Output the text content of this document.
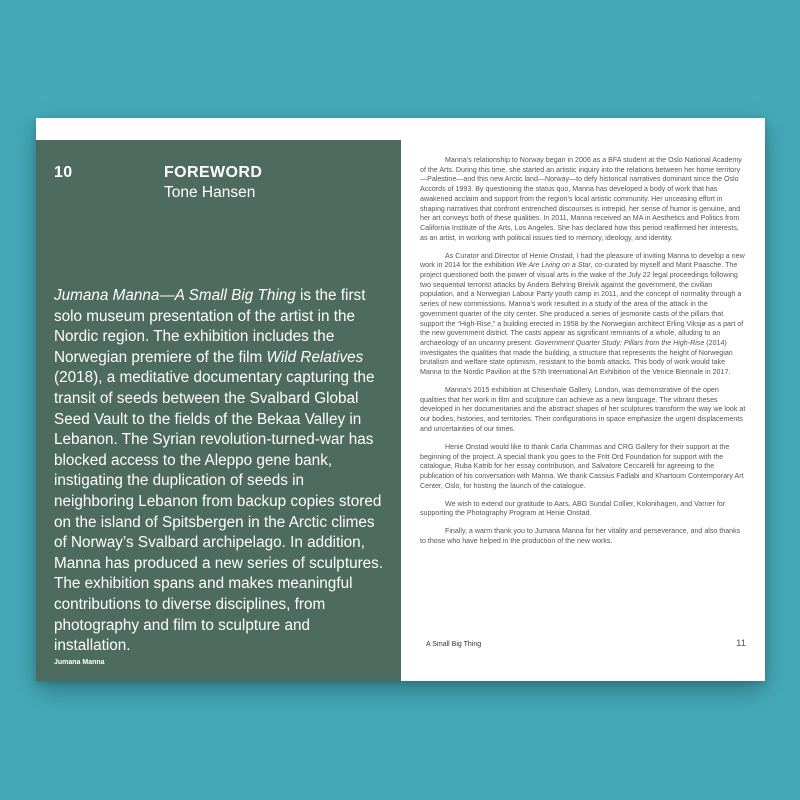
10	FOREWORD
Tone Hansen

Jumana Manna—A Small Big Thing is the first solo museum presentation of the artist in the Nordic region. The exhibition includes the Norwegian premiere of the film Wild Relatives (2018), a meditative documentary capturing the transit of seeds between the Svalbard Global Seed Vault to the fields of the Bekaa Valley in Lebanon. The Syrian revolution-turned-war has blocked access to the Aleppo gene bank, instigating the duplication of seeds in neighboring Lebanon from backup copies stored on the island of Spitsbergen in the Arctic climes of Norway’s Svalbard archipelago. In addition, Manna has produced a new series of sculptures. The exhibition spans and makes meaningful contributions to diverse disciplines, from photography and film to sculpture and installation.

Jumana Manna

Manna’s relationship to Norway began in 2006 as a BFA student at the Oslo National Academy of the Arts. During this time, she started an artistic inquiry into the relations between her home territory—Palestine—and this new Arctic land—Norway—to defy historical narratives dominant since the Oslo Accords of 1993. By questioning the status quo, Manna has developed a body of work that has awakened acclaim and support from the region’s local artistic community. Her unceasing effort in shaping narratives that confront entrenched discourses is intrepid, her sense of humor is genuine, and her art conveys both of these qualities. In 2011, Manna received an MA in Aesthetics and Politics from California Institute of the Arts, Los Angeles. She has declared how this period reaffirmed her interests, as an artist, in working with political issues tied to memory, ideology, and identity.

As Curator and Director of Henie Onstad, I had the pleasure of inviting Manna to develop a new work in 2014 for the exhibition We Are Living on a Star, co-curated by myself and Marit Paasche. The project questioned both the power of visual arts in the wake of the July 22 legal proceedings following two sequential terrorist attacks by Anders Behring Breivik against the government, the civilian population, and a Norwegian Labour Party youth camp in 2011, and the concept of normality through a series of new commissions. Manna’s work resulted in a study of the area of the attack in the government quarter of the city center. She produced a series of jesmonite casts of the pillars that support the “High-Rise,” a building erected in 1958 by the Norwegian architect Erling Viksjø as a part of the new government district. The casts appear as significant remnants of a whole, alluding to an archaeology of an uncanny present. Government Quarter Study: Pillars from the High-Rise (2014) investigates the qualities that made the building, a structure that represents the height of Norwegian brutalism and welfare state optimism, resistant to the bomb attacks. This body of work would take Manna to the Nordic Pavilion at the 57th International Art Exhibition of the Venice Biennale in 2017.

Manna’s 2015 exhibition at Chisenhale Gallery, London, was demonstrative of the open qualities that her work in film and sculpture can achieve as a new language. The vibrant theses developed in her documentaries and the abstract shapes of her sculptures transform the way we look at our bodies, histories, and territories. Their configurations in space emphasize the urgent displacements and uncertainties of our times.

Henie Onstad would like to thank Carla Chammas and CRG Gallery for their support at the beginning of the project. A special thank you goes to the Fritt Ord Foundation for support with the catalogue, Ruba Katrib for her essay contribution, and Salvatore Ceccarelli for agreeing to the publication of his conversation with Manna. We thank Cassius Fadlabi and Khartoum Contemporary Art Center, Oslo, for hosting the launch of the catalogue.

We wish to extend our gratitude to Aars, ABG Sundal Collier, Kolonihagen, and Varner for supporting the Photography Program at Henie Onstad.

Finally, a warm thank you to Jumana Manna for her vitality and perseverance, and also thanks to those who have helped in the production of the new works.

A Small Big Thing	11
